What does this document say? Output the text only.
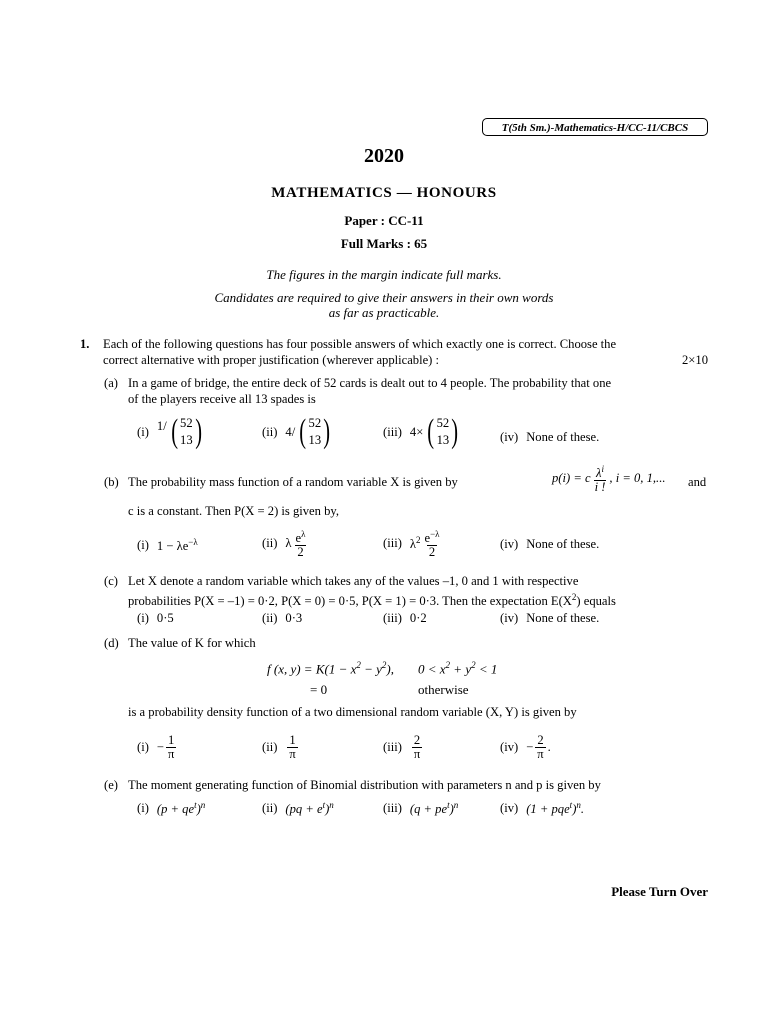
T(5th Sm.)-Mathematics-H/CC-11/CBCS
2020
MATHEMATICS — HONOURS
Paper : CC-11
Full Marks : 65
The figures in the margin indicate full marks.
Candidates are required to give their answers in their own words
as far as practicable.
1. Each of the following questions has four possible answers of which exactly one is correct. Choose the
correct alternative with proper justification (wherever applicable) :	2×10
(a) In a game of bridge, the entire deck of 52 cards is dealt out to 4 people. The probability that one
of the players receive all 13 spades is
(i) 1/ ( 52
13 )	(ii) 4/ ( 52
13 )	(iii) 4× ( 52
13 )	(iv) None of these.
(b) The probability mass function of a random variable X is given by	p(i) = c $\frac{\lambda^i}{i !}$ , i = 0, 1,... and
c is a constant. Then P(X = 2) is given by,
(i) $1 - \lambda e^{-\lambda}$	(ii) λ $\frac{e^\lambda}{2}$	(iii) $\lambda^2 \frac{e^{-\lambda}}{2}$	(iv) None of these.
(c) Let X denote a random variable which takes any of the values –1, 0 and 1 with respective
probabilities P(X = –1) = 0·2, P(X = 0) = 0·5, P(X = 1) = 0·3. Then the expectation $E(X^2)$ equals
(i) 0·5	(ii) 0·3	(iii) 0·2	(iv) None of these.
(d) The value of K for which
f (x, $y) = K(1 - x^2 - y^2)$, $0 < x^2 + y^2 < 1$
= 0	otherwise
is a probability density function of a two dimensional random variable (X, Y) is given by
$(i) - \frac{1}{\pi}$	$(ii) \frac{1}{\pi}$	$(iii) \frac{2}{\pi}$	$(iv) - \frac{2}{\pi}$ .
(e) The moment generating function of Binomial distribution with parameters n and p is given by
(i) $(p + qe^t)^n$	(ii) $(pq + e^t)^n$	(iii) $(q + pe^t)^n$	(iv) $(1 + pqe^t)^n$.
Please Turn Over
